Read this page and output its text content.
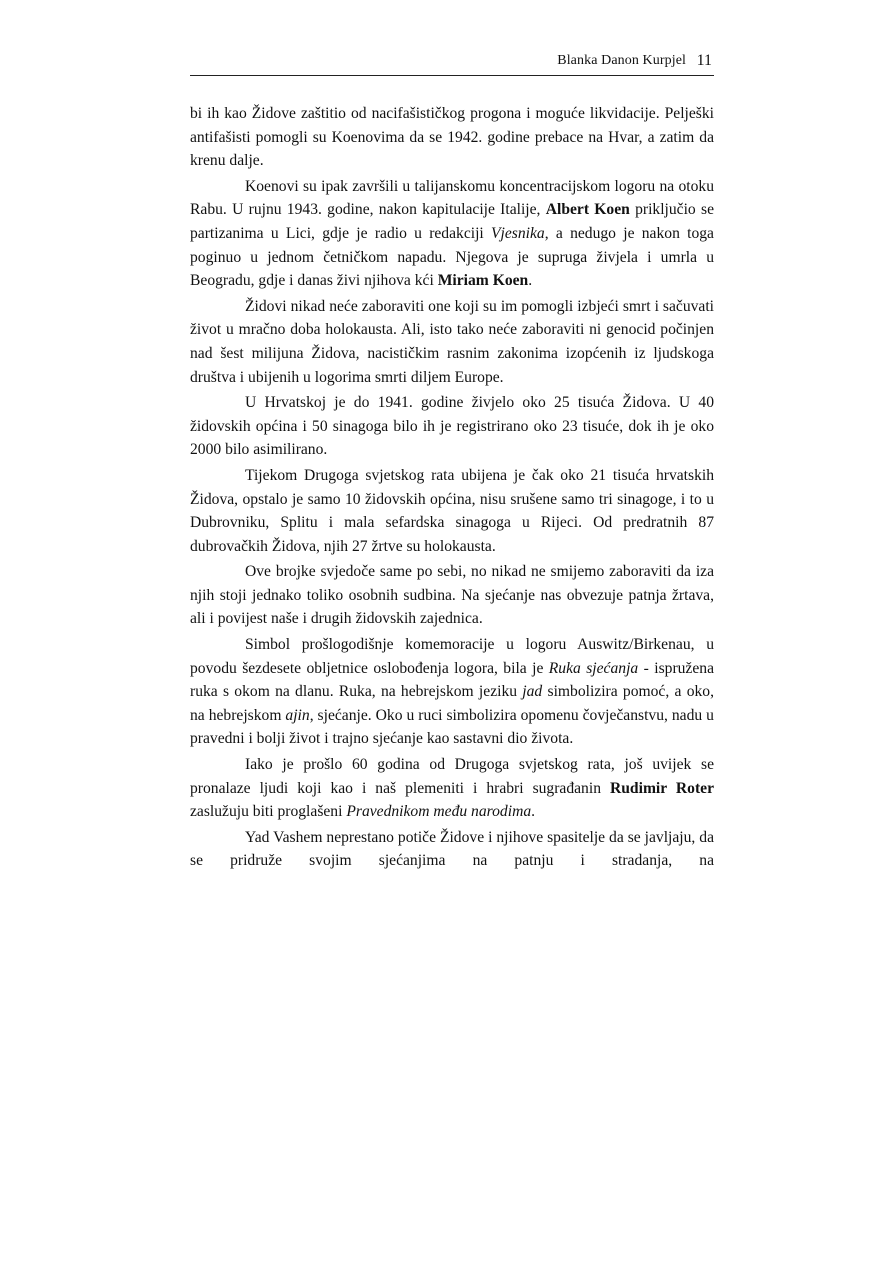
Blanka Danon Kurpjel 11

bi ih kao Židove zaštitio od nacifašističkog progona i moguće likvidacije. Pelješki antifašisti pomogli su Koenovima da se 1942. godine prebace na Hvar, a zatim da krenu dalje.

Koenovi su ipak završili u talijanskomu koncentracijskom logoru na otoku Rabu. U rujnu 1943. godine, nakon kapitulacije Italije, Albert Koen priključio se partizanima u Lici, gdje je radio u redakciji Vjesnika, a nedugo je nakon toga poginuo u jednom četničkom napadu. Njegova je supruga živjela i umrla u Beogradu, gdje i danas živi njihova kći Miriam Koen.

Židovi nikad neće zaboraviti one koji su im pomogli izbjeći smrt i sačuvati život u mračno doba holokausta. Ali, isto tako neće zaboraviti ni genocid počinjen nad šest milijuna Židova, nacističkim rasnim zakonima izopćenih iz ljudskoga društva i ubijenih u logorima smrti diljem Europe.

U Hrvatskoj je do 1941. godine živjelo oko 25 tisuća Židova. U 40 židovskih općina i 50 sinagoga bilo ih je registrirano oko 23 tisuće, dok ih je oko 2000 bilo asimilirano.

Tijekom Drugoga svjetskog rata ubijena je čak oko 21 tisuća hrvatskih Židova, opstalo je samo 10 židovskih općina, nisu srušene samo tri sinagoge, i to u Dubrovniku, Splitu i mala sefardska sinagoga u Rijeci. Od predratnih 87 dubrovačkih Židova, njih 27 žrtve su holokausta.

Ove brojke svjedoče same po sebi, no nikad ne smijemo zaboraviti da iza njih stoji jednako toliko osobnih sudbina. Na sjećanje nas obvezuje patnja žrtava, ali i povijest naše i drugih židovskih zajednica.

Simbol prošlogodišnje komemoracije u logoru Auswitz/Birkenau, u povodu šezdesete obljetnice oslobođenja logora, bila je Ruka sjećanja - ispružena ruka s okom na dlanu. Ruka, na hebrejskom jeziku jad simbolizira pomoć, a oko, na hebrejskom ajin, sjećanje. Oko u ruci simbolizira opomenu čovječanstvu, nadu u pravedni i bolji život i trajno sjećanje kao sastavni dio života.

Iako je prošlo 60 godina od Drugoga svjetskog rata, još uvijek se pronalaze ljudi koji kao i naš plemeniti i hrabri sugrađanin Rudimir Roter zaslužuju biti proglašeni Pravednikom među narodima.

Yad Vashem neprestano potiče Židove i njihove spasitelje da se javljaju, da se pridruže svojim sjećanjima na patnju i stradanja, na
